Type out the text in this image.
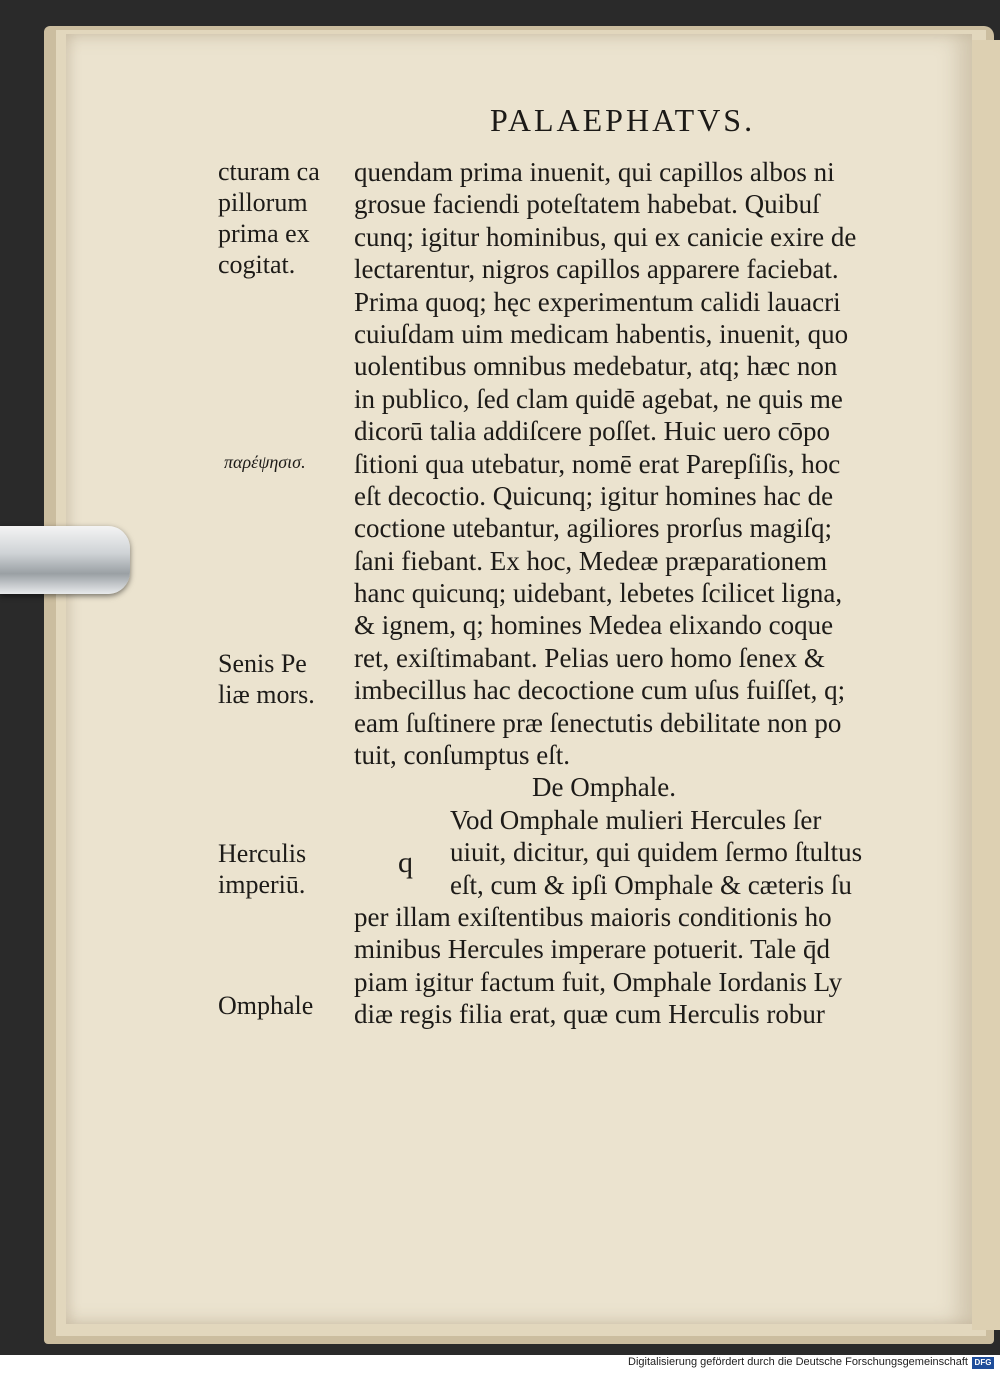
PALAEPHATVS.
quendam prima inuenit, qui capillos albos ni
grosue faciendi poteſtatem habebat. Quibuſ
cunq; igitur hominibus, qui ex canicie exire de
lectarentur, nigros capillos apparere faciebat.
Prima quoq; hęc experimentum calidi lauacri
cuiuſdam uim medicam habentis, inuenit, quo
uolentibus omnibus medebatur, atq; hæc non
in publico, ſed clam quidē agebat, ne quis me
dicorū talia addiſcere poſſet. Huic uero cōpo
ſitioni qua utebatur, nomē erat Parepſiſis, hoc
eſt decoctio. Quicunq; igitur homines hac de
coctione utebantur, agiliores prorſus magiſq;
ſani fiebant. Ex hoc, Medeæ præparationem
hanc quicunq; uidebant, lebetes ſcilicet ligna,
& ignem, q; homines Medea elixando coque
ret, exiſtimabant. Pelias uero homo ſenex &
imbecillus hac decoctione cum uſus fuiſſet, q;
eam ſuſtinere præ ſenectutis debilitate non po
tuit, conſumptus eſt.
De Omphale.
Vod Omphale mulieri Hercules ſer
uiuit, dicitur, qui quidem ſermo ſtultus
eſt, cum & ipſi Omphale & cæteris ſu
per illam exiſtentibus maioris conditionis ho
minibus Hercules imperare potuerit. Tale q̄d
piam igitur factum fuit, Omphale Iordanis Ly
diæ regis filia erat, quæ cum Herculis robur
q
cturam ca
pillorum
prima ex
cogitat.
παρέψησισ.
Senis Pe
liæ mors.
Herculis
imperiū.
Omphale
Digitalisierung gefördert durch die Deutsche Forschungsgemeinschaft DFG
